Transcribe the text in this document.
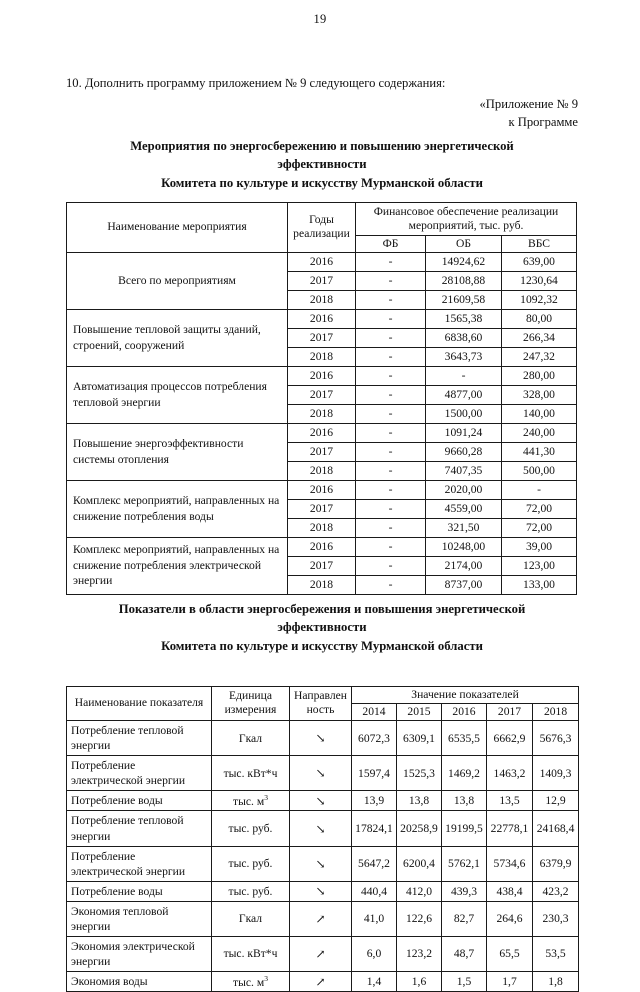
19
10. Дополнить программу приложением № 9 следующего содержания:
«Приложение № 9
к Программе
Мероприятия по энергосбережению и повышению энергетической
эффективности
Комитета по культуре и искусству Мурманской области
Наименование мероприятия	Годы реализации	Финансовое обеспечение реализации мероприятий, тыс. руб.		
		ФБ	ОБ	ВБС
Всего по мероприятиям	2016	-	14924,62	639,00
	2017	-	28108,88	1230,64
	2018	-	21609,58	1092,32
Повышение тепловой защиты зданий, строений, сооружений	2016	-	1565,38	80,00
	2017	-	6838,60	266,34
	2018	-	3643,73	247,32
Автоматизация процессов потребления тепловой энергии	2016	-	-	280,00
	2017	-	4877,00	328,00
	2018	-	1500,00	140,00
Повышение энергоэффективности системы отопления	2016	-	1091,24	240,00
	2017	-	9660,28	441,30
	2018	-	7407,35	500,00
Комплекс мероприятий, направленных на снижение потребления воды	2016	-	2020,00	-
	2017	-	4559,00	72,00
	2018	-	321,50	72,00
Комплекс мероприятий, направленных на снижение потребления электрической энергии	2016	-	10248,00	39,00
	2017	-	2174,00	123,00
	2018	-	8737,00	133,00
Показатели в области энергосбережения и повышения энергетической
эффективности
Комитета по культуре и искусству Мурманской области
Наименование показателя	Единица измерения	Направлен ность	Значение показателей				
			2014	2015	2016	2017	2018
Потребление тепловой энергии	Гкал	↘	6072,3	6309,1	6535,5	6662,9	5676,3
Потребление электрической энергии	тыс. кВт*ч	↘	1597,4	1525,3	1469,2	1463,2	1409,3
Потребление воды	тыс. $м^3$	↘	13,9	13,8	13,8	13,5	12,9
Потребление тепловой энергии	тыс. руб.	↘	17824,1	20258,9	19199,5	22778,1	24168,4
Потребление электрической энергии	тыс. руб.	↘	5647,2	6200,4	5762,1	5734,6	6379,9
Потребление воды	тыс. руб.	↘	440,4	412,0	439,3	438,4	423,2
Экономия тепловой энергии	Гкал	↗	41,0	122,6	82,7	264,6	230,3
Экономия электрической энергии	тыс. кВт*ч	↗	6,0	123,2	48,7	65,5	53,5
Экономия воды	тыс. $м^3$	↗	1,4	1,6	1,5	1,7	1,8
